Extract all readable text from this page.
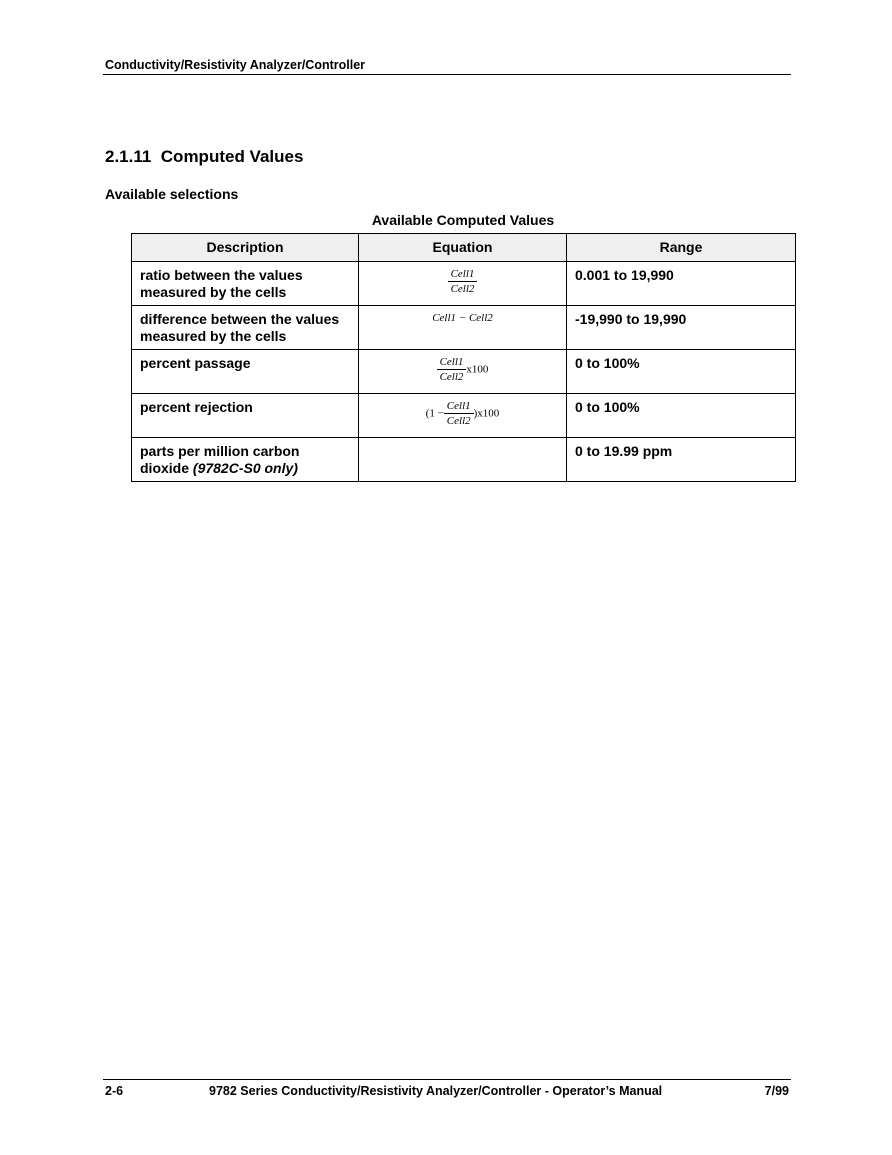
Conductivity/Resistivity Analyzer/Controller
2.1.11 Computed Values
Available selections
Available Computed Values
Description	Equation	Range
ratio between the values measured by the cells	$\frac{\text{Cell1}}{\text{Cell2}}$	0.001 to 19,990
difference between the values measured by the cells	Cell1 − Cell2	-19,990 to 19,990
percent passage	$\frac{\text{Cell1}}{\text{Cell2}} x100$	0 to 100%
percent rejection	$(1 - \frac{\text{Cell1}}{\text{Cell2}} )x100$	0 to 100%
parts per million carbon dioxide (9782C-S0 only)		0 to 19.99 ppm
2-6	9782 Series Conductivity/Resistivity Analyzer/Controller - Operator’s Manual	7/99
